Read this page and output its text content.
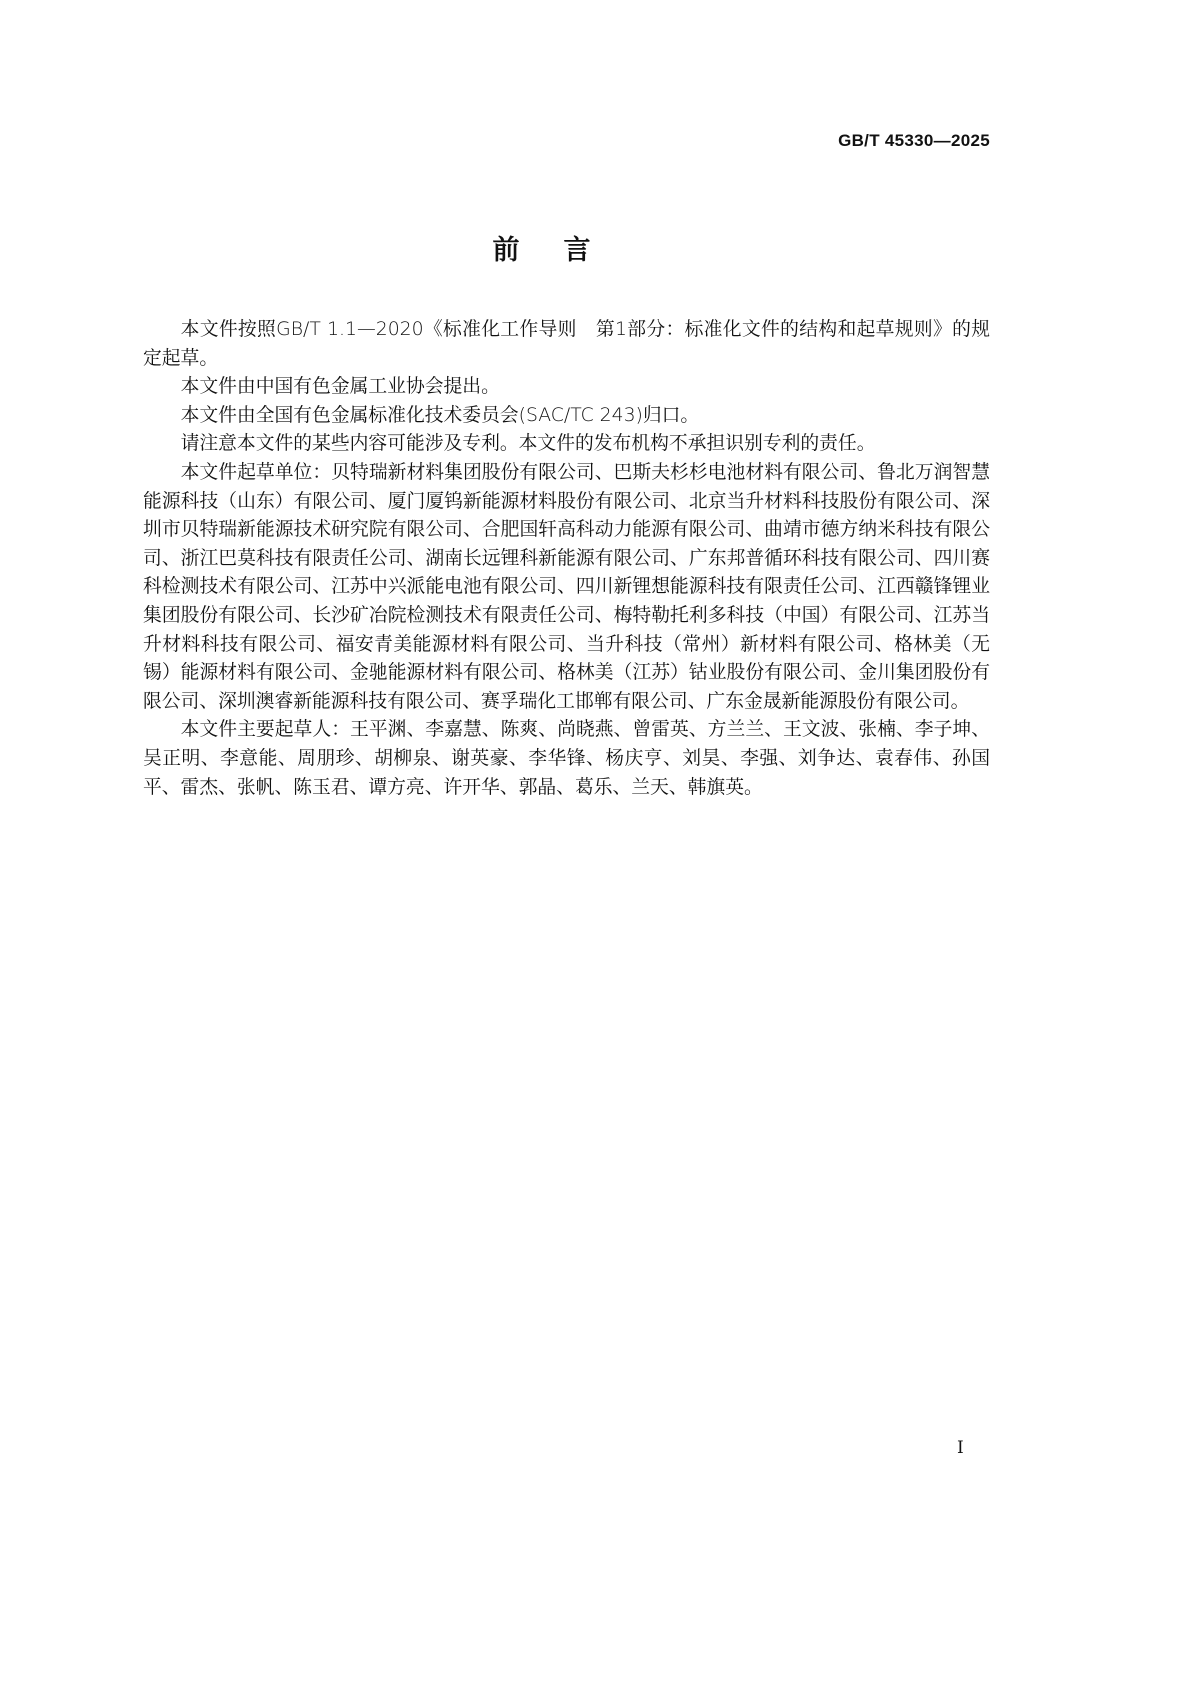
GB/T 45330—2025
前言

本文件按照GB/T 1.1—2020《标准化工作导则　第1部分：标准化文件的结构和起草规则》的规定起草。

本文件由中国有色金属工业协会提出。

本文件由全国有色金属标准化技术委员会(SAC/TC 243)归口。

请注意本文件的某些内容可能涉及专利。本文件的发布机构不承担识别专利的责任。

本文件起草单位：贝特瑞新材料集团股份有限公司、巴斯夫杉杉电池材料有限公司、鲁北万润智慧能源科技（山东）有限公司、厦门厦钨新能源材料股份有限公司、北京当升材料科技股份有限公司、深圳市贝特瑞新能源技术研究院有限公司、合肥国轩高科动力能源有限公司、曲靖市德方纳米科技有限公司、浙江巴莫科技有限责任公司、湖南长远锂科新能源有限公司、广东邦普循环科技有限公司、四川赛科检测技术有限公司、江苏中兴派能电池有限公司、四川新锂想能源科技有限责任公司、江西赣锋锂业集团股份有限公司、长沙矿冶院检测技术有限责任公司、梅特勒托利多科技（中国）有限公司、江苏当升材料科技有限公司、福安青美能源材料有限公司、当升科技（常州）新材料有限公司、格林美（无锡）能源材料有限公司、金驰能源材料有限公司、格林美（江苏）钴业股份有限公司、金川集团股份有限公司、深圳澳睿新能源科技有限公司、赛孚瑞化工邯郸有限公司、广东金晟新能源股份有限公司。

本文件主要起草人：王平渊、李嘉慧、陈爽、尚晓燕、曾雷英、方兰兰、王文波、张楠、李子坤、吴正明、李意能、周朋珍、胡柳泉、谢英豪、李华锋、杨庆亨、刘昊、李强、刘争达、袁春伟、孙国平、雷杰、张帆、陈玉君、谭方亮、许开华、郭晶、葛乐、兰天、韩旗英。

I
